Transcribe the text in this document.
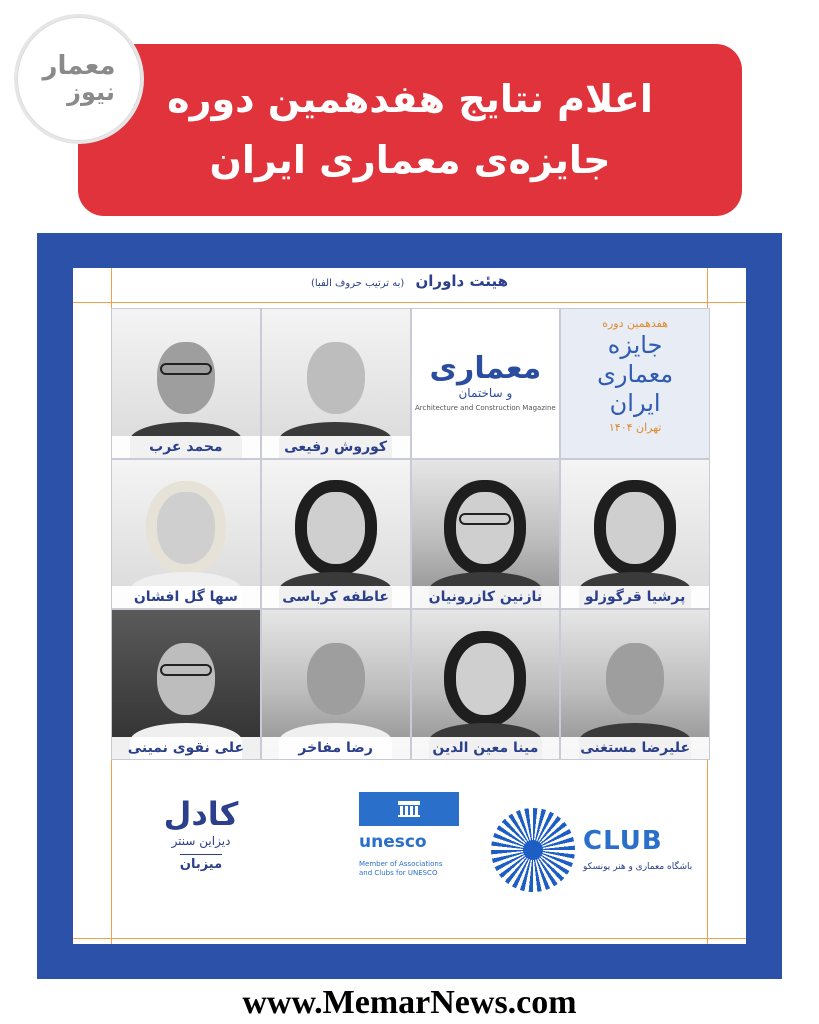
معمار
نیوز اعلام نتایج هفدهمین دوره
جایزه‌ی معماری ایران
هیئت داوران (به ترتیب حروف الفبا)
محمد عرب	کوروش رفیعی
معماری
و ساختمان
Architecture and Construction Magazine
هفدهمین دوره
جایزه
معماری
ایران
تهران ۱۴۰۴
سها گل افشان	عاطفه کرباسی	نازنین کازرونیان	پرشیا قرگوزلو
علی نقوی نمینی	رضا مفاخر	مینا معین الدین	علیرضا مستغنی
کادل
دیزاین سنتر
میزبان
unesco
Member of Associations
and Clubs for UNESCO
CLUB
باشگاه معماری و هنر یونسکو
www.MemarNews.com
